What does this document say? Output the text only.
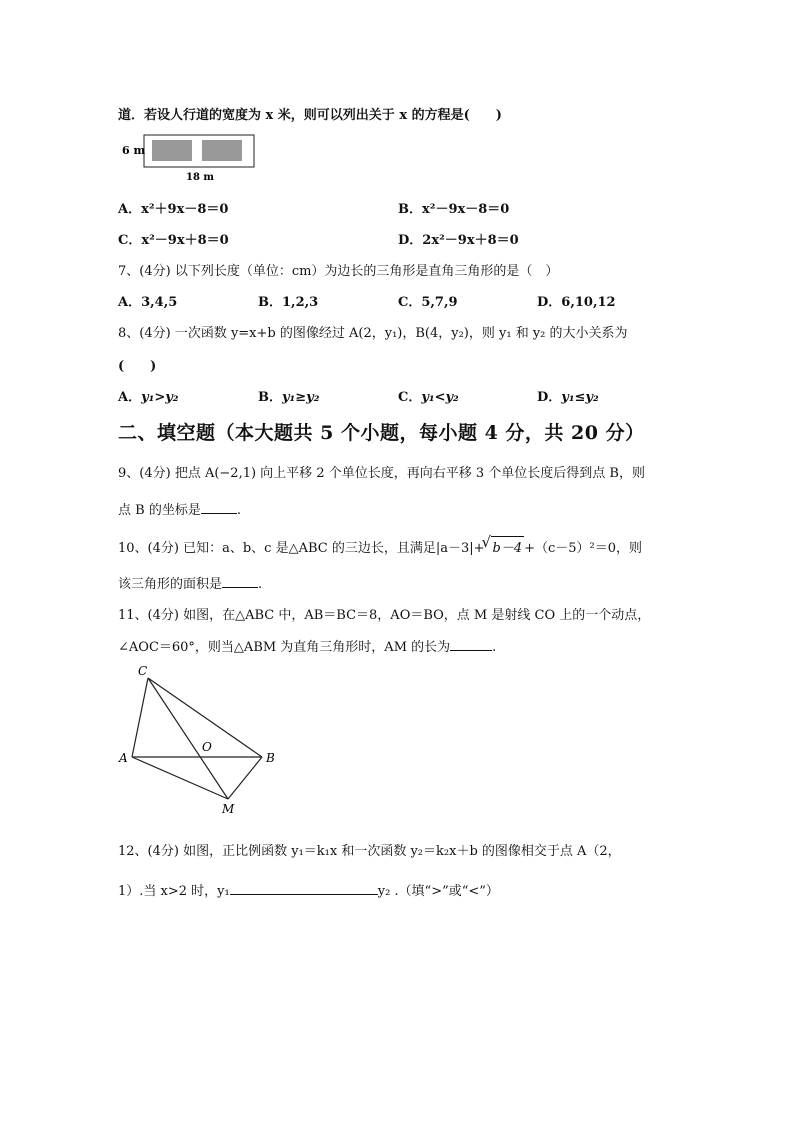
道．若设人行道的宽度为 x 米，则可以列出关于 x 的方程是(　　)
6 m
18 m
A．x²＋9x－8＝0	B．x²－9x－8＝0
C．x²－9x＋8＝0	D．2x²－9x＋8＝0
7、(4分) 以下列长度（单位：cm）为边长的三角形是直角三角形的是（　）
A．3,4,5	B．1,2,3	C．5,7,9	D．6,10,12
8、(4分) 一次函数 y=x+b 的图像经过 A(2，y₁)，B(4，y₂)，则 y₁ 和 y₂ 的大小关系为
(　　)
A．y₁>y₂	B．y₁≥y₂	C．y₁<y₂	D．y₁≤y₂
二、填空题（本大题共 5 个小题，每小题 4 分，共 20 分）
9、(4分) 把点 A(−2,1) 向上平移 2 个单位长度，再向右平移 3 个单位长度后得到点 B，则
点 B 的坐标是	.
10、(4分) 已知：a、b、c 是△ABC 的三边长，且满足|a－3|+√ b－4 +（c－5）²＝0，则
该三角形的面积是	.
11、(4分) 如图，在△ABC 中，AB＝BC＝8，AO＝BO，点 M 是射线 CO 上的一个动点，
∠AOC＝60°，则当△ABM 为直角三角形时，AM 的长为	.
C
A
O
B
M
12、(4分) 如图，正比例函数 y₁＝k₁x 和一次函数 y₂＝k₂x＋b 的图像相交于点 A（2，
1）.当 x>2 时，y₁	y₂ .（填“>”或“<”）
